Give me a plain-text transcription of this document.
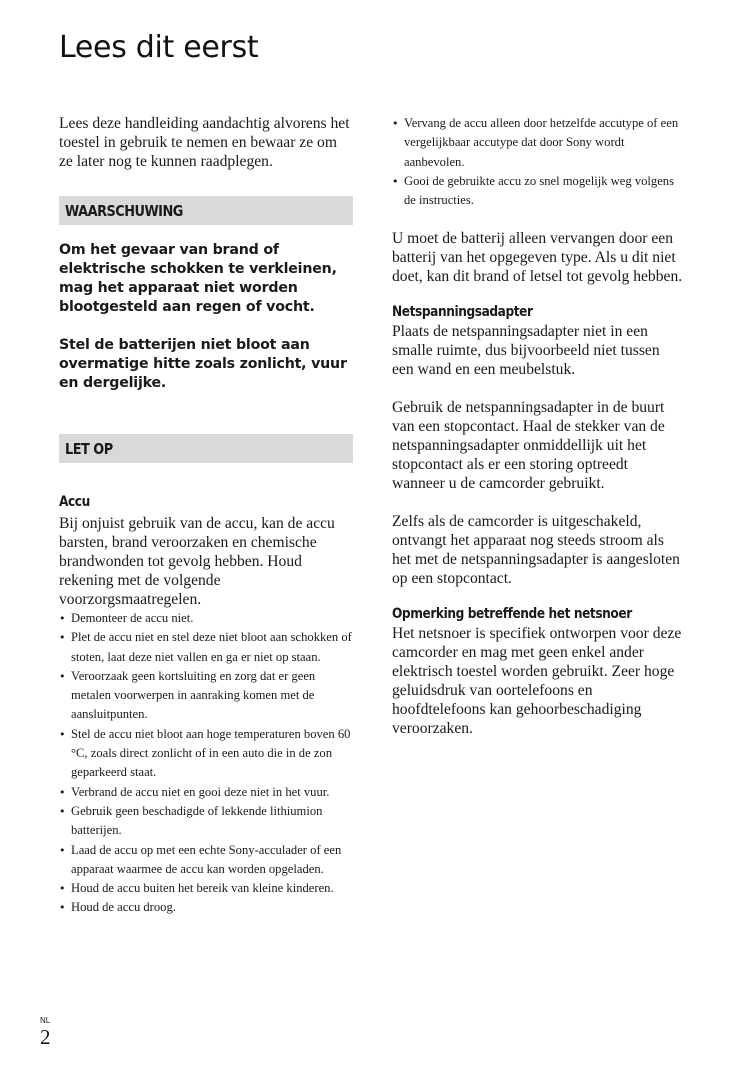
Lees dit eerst

Lees deze handleiding aandachtig alvorens het toestel in gebruik te nemen en bewaar ze om ze later nog te kunnen raadplegen.

WAARSCHUWING

Om het gevaar van brand of elektrische schokken te verkleinen, mag het apparaat niet worden blootgesteld aan regen of vocht.

Stel de batterijen niet bloot aan overmatige hitte zoals zonlicht, vuur en dergelijke.

LET OP

Accu

Bij onjuist gebruik van de accu, kan de accu barsten, brand veroorzaken en chemische brandwonden tot gevolg hebben. Houd rekening met de volgende voorzorgsmaatregelen.

• Demonteer de accu niet.
• Plet de accu niet en stel deze niet bloot aan schokken of stoten, laat deze niet vallen en ga er niet op staan.
• Veroorzaak geen kortsluiting en zorg dat er geen metalen voorwerpen in aanraking komen met de aansluitpunten.
• Stel de accu niet bloot aan hoge temperaturen boven 60 °C, zoals direct zonlicht of in een auto die in de zon geparkeerd staat.
• Verbrand de accu niet en gooi deze niet in het vuur.
• Gebruik geen beschadigde of lekkende lithiumion batterijen.
• Laad de accu op met een echte Sony-acculader of een apparaat waarmee de accu kan worden opgeladen.
• Houd de accu buiten het bereik van kleine kinderen.
• Houd de accu droog.
• Vervang de accu alleen door hetzelfde accutype of een vergelijkbaar accutype dat door Sony wordt aanbevolen.
• Gooi de gebruikte accu zo snel mogelijk weg volgens de instructies.

U moet de batterij alleen vervangen door een batterij van het opgegeven type. Als u dit niet doet, kan dit brand of letsel tot gevolg hebben.

Netspanningsadapter

Plaats de netspanningsadapter niet in een smalle ruimte, dus bijvoorbeeld niet tussen een wand en een meubelstuk.

Gebruik de netspanningsadapter in de buurt van een stopcontact. Haal de stekker van de netspanningsadapter onmiddellijk uit het stopcontact als er een storing optreedt wanneer u de camcorder gebruikt.

Zelfs als de camcorder is uitgeschakeld, ontvangt het apparaat nog steeds stroom als het met de netspanningsadapter is aangesloten op een stopcontact.

Opmerking betreffende het netsnoer

Het netsnoer is specifiek ontworpen voor deze camcorder en mag met geen enkel ander elektrisch toestel worden gebruikt. Zeer hoge geluidsdruk van oortelefoons en hoofdtelefoons kan gehoorbeschadiging veroorzaken.

NL
2
